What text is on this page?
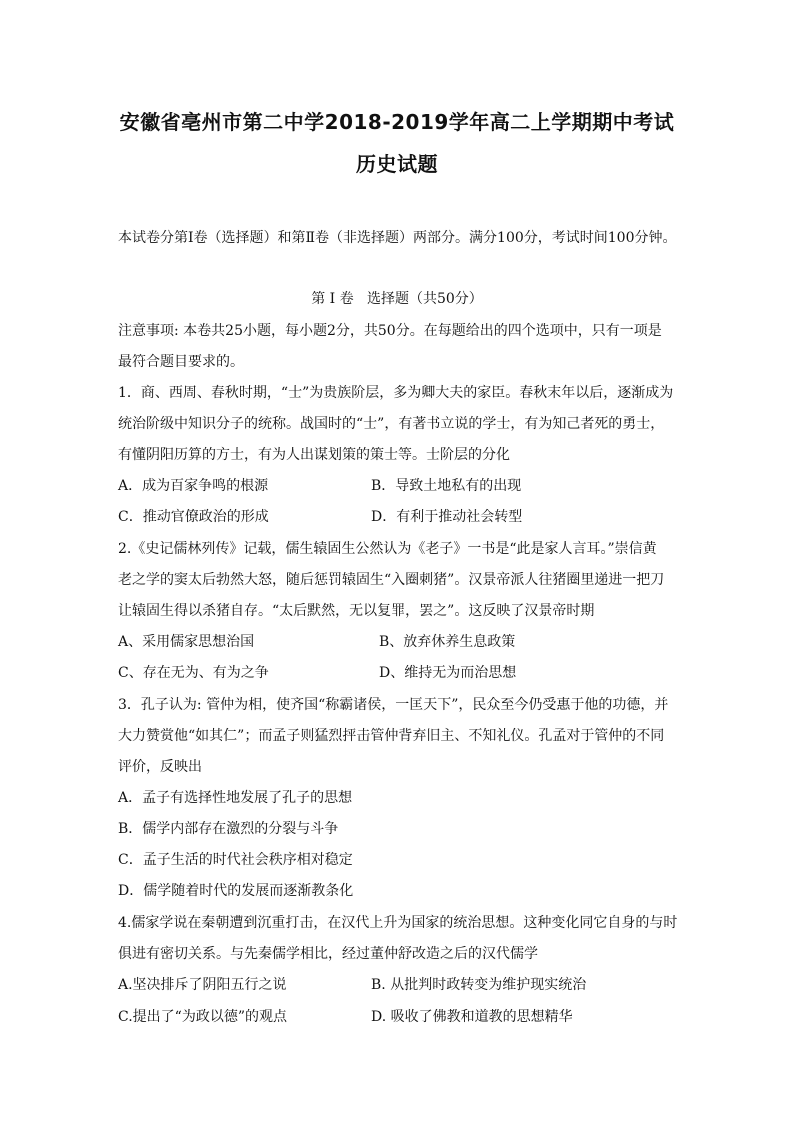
安徽省亳州市第二中学2018-2019学年高二上学期期中考试
历史试题
本试卷分第Ⅰ卷（选择题）和第Ⅱ卷（非选择题）两部分。满分100分，考试时间100分钟。
第 Ⅰ 卷   选择题（共50分）
注意事项: 本卷共25小题，每小题2分，共50分。在每题给出的四个选项中，只有一项是
最符合题目要求的。
1．商、西周、春秋时期，“士”为贵族阶层，多为卿大夫的家臣。春秋末年以后，逐渐成为
统治阶级中知识分子的统称。战国时的“士”，有著书立说的学士，有为知己者死的勇士，
有懂阴阳历算的方士，有为人出谋划策的策士等。士阶层的分化
A．成为百家争鸣的根源	B．导致土地私有的出现
C．推动官僚政治的形成	D．有利于推动社会转型
2.《史记儒林列传》记载，儒生辕固生公然认为《老子》一书是“此是家人言耳。”崇信黄
老之学的窦太后勃然大怒，随后惩罚辕固生“入圈刺猪”。汉景帝派人往猪圈里递进一把刀
让辕固生得以杀猪自存。“太后默然，无以复罪，罢之”。这反映了汉景帝时期
A、采用儒家思想治国	B、放弃休养生息政策
C、存在无为、有为之争	D、维持无为而治思想
3．孔子认为: 管仲为相，使齐国“称霸诸侯，一匡天下”，民众至今仍受惠于他的功德，并
大力赞赏他“如其仁”；而孟子则猛烈抨击管仲背弃旧主、不知礼仪。孔孟对于管仲的不同
评价，反映出
A．孟子有选择性地发展了孔子的思想
B．儒学内部存在激烈的分裂与斗争
C．孟子生活的时代社会秩序相对稳定
D．儒学随着时代的发展而逐渐教条化
4.儒家学说在秦朝遭到沉重打击，在汉代上升为国家的统治思想。这种变化同它自身的与时
俱进有密切关系。与先秦儒学相比，经过董仲舒改造之后的汉代儒学
A.坚决排斥了阴阳五行之说	B. 从批判时政转变为维护现实统治
C.提出了“为政以德”的观点	D. 吸收了佛教和道教的思想精华
